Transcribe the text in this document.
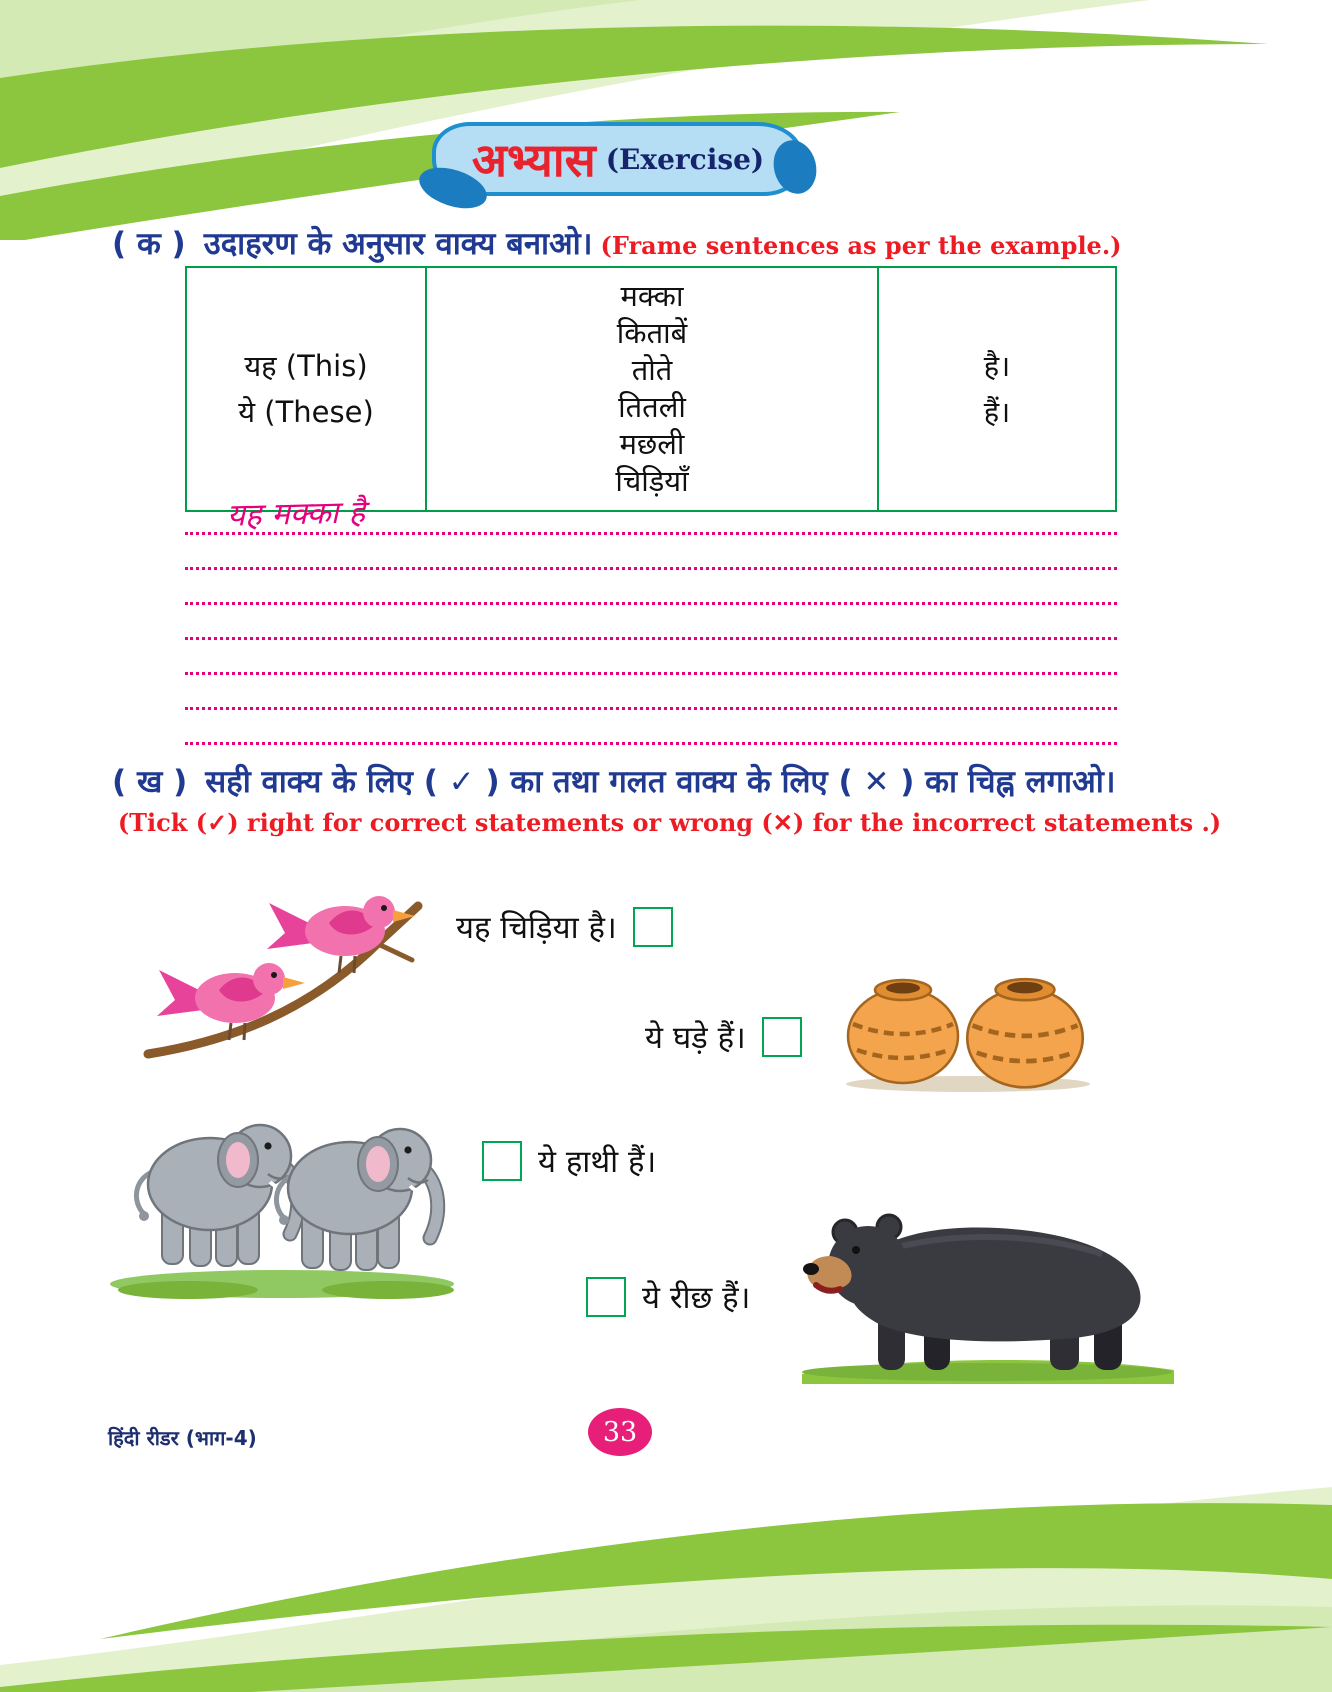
अभ्यास (Exercise)
( क ) उदाहरण के अनुसार वाक्य बनाओ। (Frame sentences as per the example.)
यह (This)
ये (These)

मक्का
किताबें
तोते
तितली
मछली
चिड़ियाँ

है।
हैं।
यह मक्का है
( ख ) सही वाक्य के लिए ( ✓ ) का तथा गलत वाक्य के लिए ( ✕ ) का चिह्न लगाओ।
(Tick (✓) right for correct statements or wrong (✕) for the incorrect statements .)
यह चिड़िया है।
ये घड़े हैं।
ये हाथी हैं।
ये रीछ हैं।
हिंदी रीडर (भाग-4)	33
